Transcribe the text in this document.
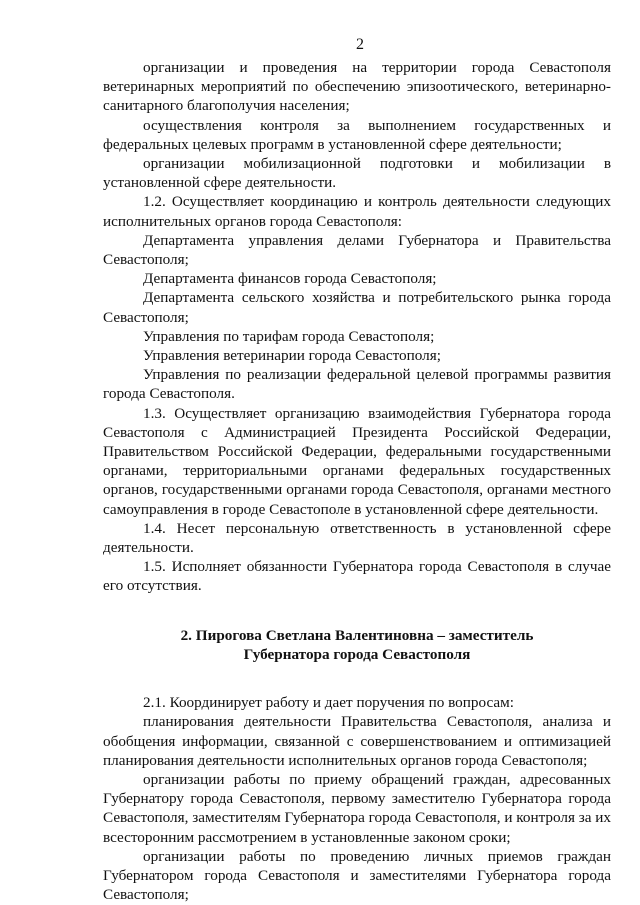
2

организации и проведения на территории города Севастополя ветеринарных мероприятий по обеспечению эпизоотического, ветеринарно-санитарного благополучия населения;

осуществления контроля за выполнением государственных и федеральных целевых программ в установленной сфере деятельности;

организации мобилизационной подготовки и мобилизации в установленной сфере деятельности.

1.2. Осуществляет координацию и контроль деятельности следующих исполнительных органов города Севастополя:

Департамента управления делами Губернатора и Правительства Севастополя;

Департамента финансов города Севастополя;

Департамента сельского хозяйства и потребительского рынка города Севастополя;

Управления по тарифам города Севастополя;

Управления ветеринарии города Севастополя;

Управления по реализации федеральной целевой программы развития города Севастополя.

1.3. Осуществляет организацию взаимодействия Губернатора города Севастополя с Администрацией Президента Российской Федерации, Правительством Российской Федерации, федеральными государственными органами, территориальными органами федеральных государственных органов, государственными органами города Севастополя, органами местного самоуправления в городе Севастополе в установленной сфере деятельности.

1.4. Несет персональную ответственность в установленной сфере деятельности.

1.5. Исполняет обязанности Губернатора города Севастополя в случае его отсутствия.

2. Пирогова Светлана Валентиновна – заместитель
Губернатора города Севастополя

2.1. Координирует работу и дает поручения по вопросам:

планирования деятельности Правительства Севастополя, анализа и обобщения информации, связанной с совершенствованием и оптимизацией планирования деятельности исполнительных органов города Севастополя;

организации работы по приему обращений граждан, адресованных Губернатору города Севастополя, первому заместителю Губернатора города Севастополя, заместителям Губернатора города Севастополя, и контроля за их всесторонним рассмотрением в установленные законом сроки;

организации работы по проведению личных приемов граждан Губернатором города Севастополя и заместителями Губернатора города Севастополя;
